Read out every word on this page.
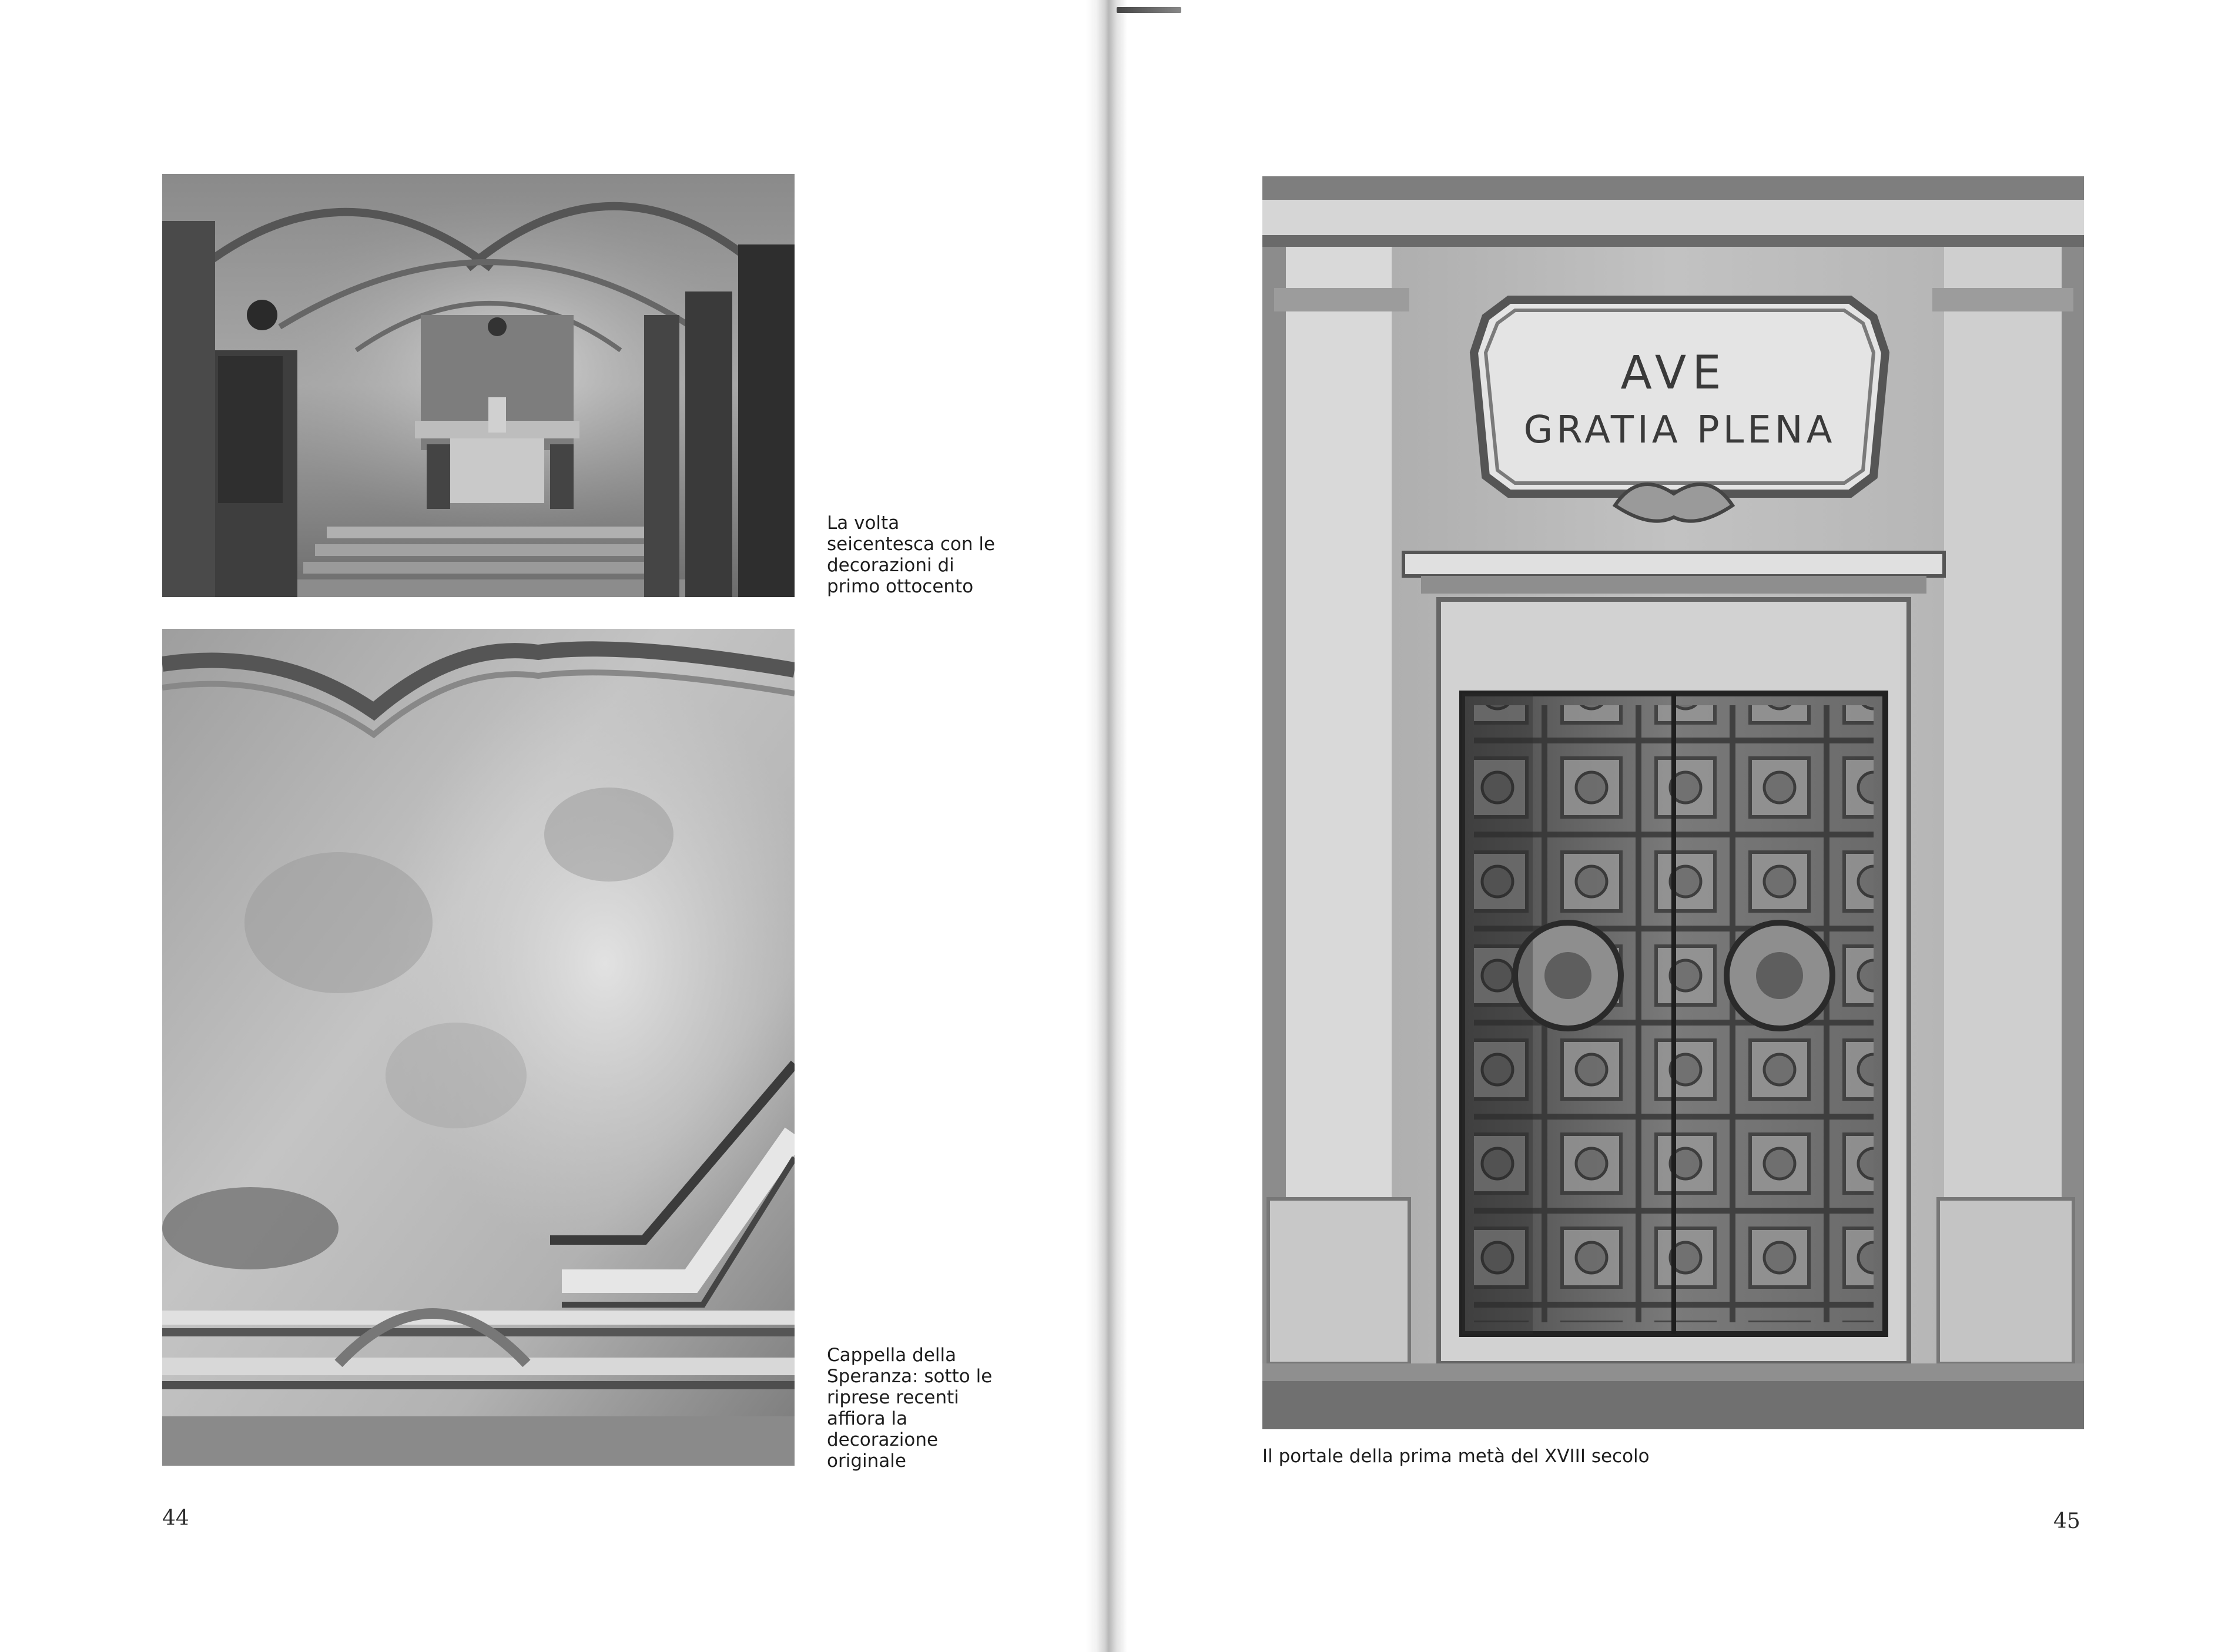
La volta
seicentesca con le
decorazioni di
primo ottocento
Cappella della
Speranza: sotto le
riprese recenti
affiora la
decorazione
originale
44
AVE
GRATIA PLENA
Il portale della prima metà del XVIII secolo
45
